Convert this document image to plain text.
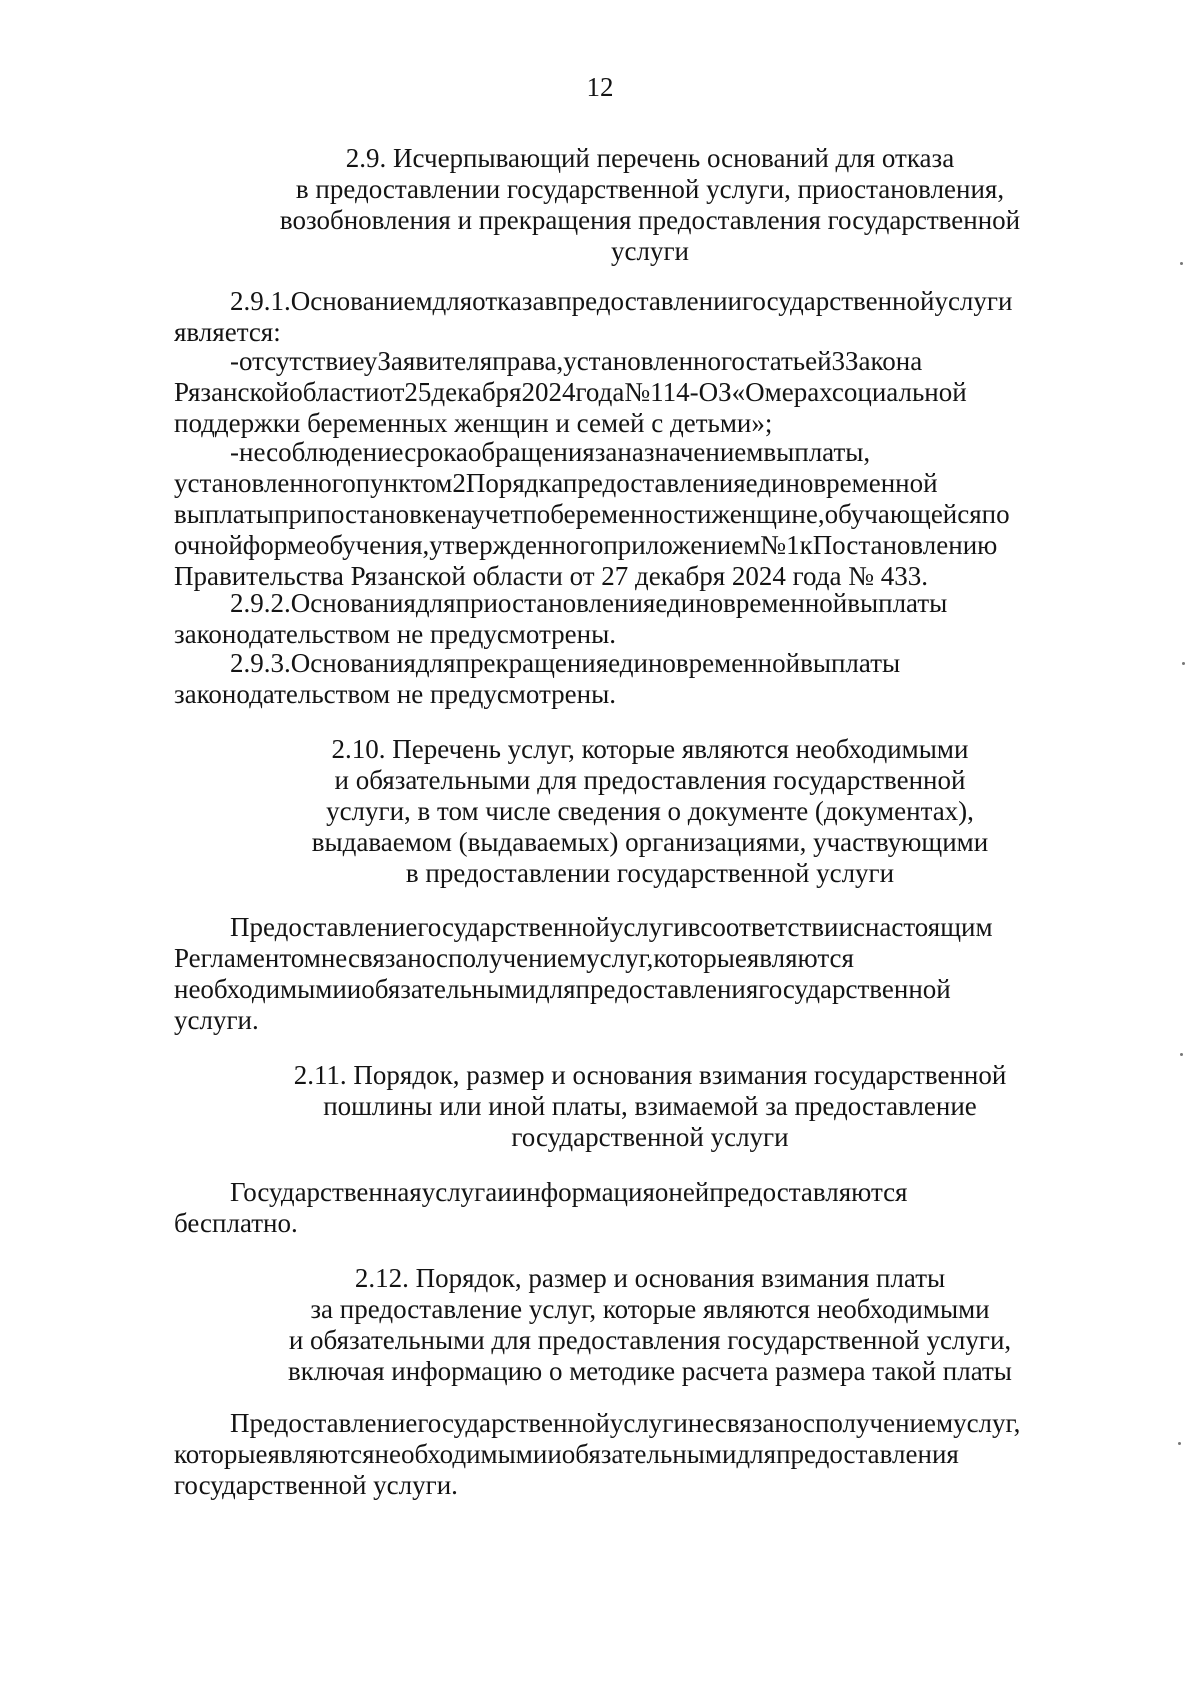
12
2.9. Исчерпывающий перечень оснований для отказа
в предоставлении государственной услуги, приостановления,
возобновления и прекращения предоставления государственной
услуги
2.9.1.Основаниемдляотказавпредоставлениигосударственнойуслуги
является:
-отсутствиеуЗаявителяправа,установленногостатьей3Закона
Рязанскойобластиот25декабря2024года№114-ОЗ«Омерахсоциальной
поддержки беременных женщин и семей с детьми»;
-несоблюдениесрокаобращениязаназначениемвыплаты,
установленногопунктом2Порядкапредоставленияединовременной
выплатыприпостановкенаучетпобеременностиженщине,обучающейсяпо
очнойформеобучения,утвержденногоприложением№1кПостановлению
Правительства Рязанской области от 27 декабря 2024 года № 433.
2.9.2.Основаниядляприостановленияединовременнойвыплаты
законодательством не предусмотрены.
2.9.3.Основаниядляпрекращенияединовременнойвыплаты
законодательством не предусмотрены.
2.10. Перечень услуг, которые являются необходимыми
и обязательными для предоставления государственной
услуги, в том числе сведения о документе (документах),
выдаваемом (выдаваемых) организациями, участвующими
в предоставлении государственной услуги
Предоставлениегосударственнойуслугивсоответствииснастоящим
Регламентомнесвязаносполучениемуслуг,которыеявляются
необходимымииобязательнымидляпредоставлениягосударственной
услуги.
2.11. Порядок, размер и основания взимания государственной
пошлины или иной платы, взимаемой за предоставление
государственной услуги
Государственнаяуслугаиинформацияонейпредоставляются
бесплатно.
2.12. Порядок, размер и основания взимания платы
за предоставление услуг, которые являются необходимыми
и обязательными для предоставления государственной услуги,
включая информацию о методике расчета размера такой платы
Предоставлениегосударственнойуслугинесвязаносполучениемуслуг,
которыеявляютсянеобходимымииобязательнымидляпредоставления
государственной услуги.
